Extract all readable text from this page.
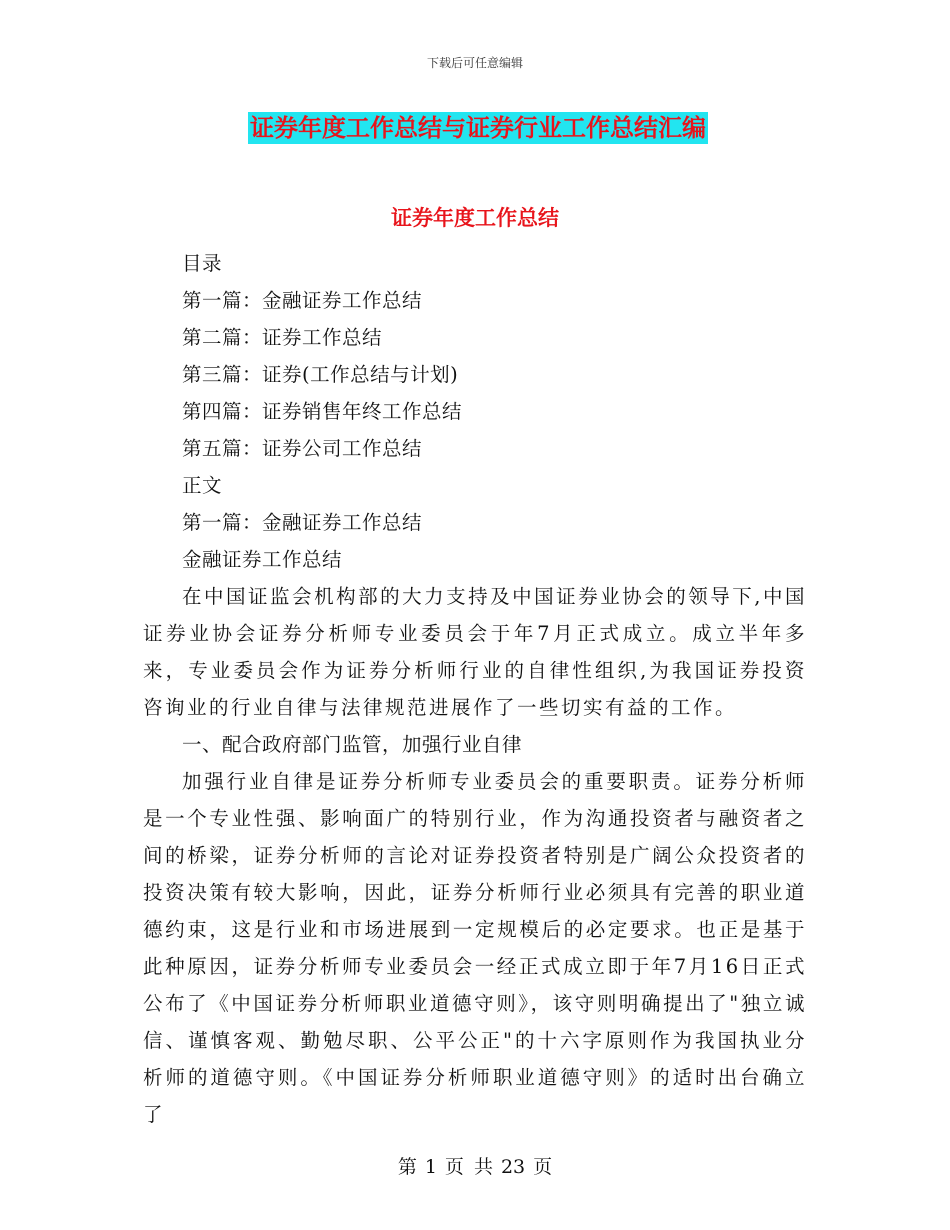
下载后可任意编辑
证券年度工作总结与证券行业工作总结汇编
证券年度工作总结

目录

第一篇：金融证券工作总结

第二篇：证券工作总结

第三篇：证券(工作总结与计划)

第四篇：证券销售年终工作总结

第五篇：证券公司工作总结

正文

第一篇：金融证券工作总结

金融证券工作总结

在中国证监会机构部的大力支持及中国证券业协会的领导下,中国证券业协会证券分析师专业委员会于年7月正式成立。成立半年多来，专业委员会作为证券分析师行业的自律性组织,为我国证券投资咨询业的行业自律与法律规范进展作了一些切实有益的工作。

一、配合政府部门监管，加强行业自律

加强行业自律是证券分析师专业委员会的重要职责。证券分析师是一个专业性强、影响面广的特别行业，作为沟通投资者与融资者之间的桥梁，证券分析师的言论对证券投资者特别是广阔公众投资者的投资决策有较大影响，因此，证券分析师行业必须具有完善的职业道德约束，这是行业和市场进展到一定规模后的必定要求。也正是基于此种原因，证券分析师专业委员会一经正式成立即于年7月16日正式公布了《中国证券分析师职业道德守则》，该守则明确提出了"独立诚信、谨慎客观、勤勉尽职、公平公正"的十六字原则作为我国执业分析师的道德守则。《中国证券分析师职业道德守则》的适时出台确立了

第 1 页 共 23 页
